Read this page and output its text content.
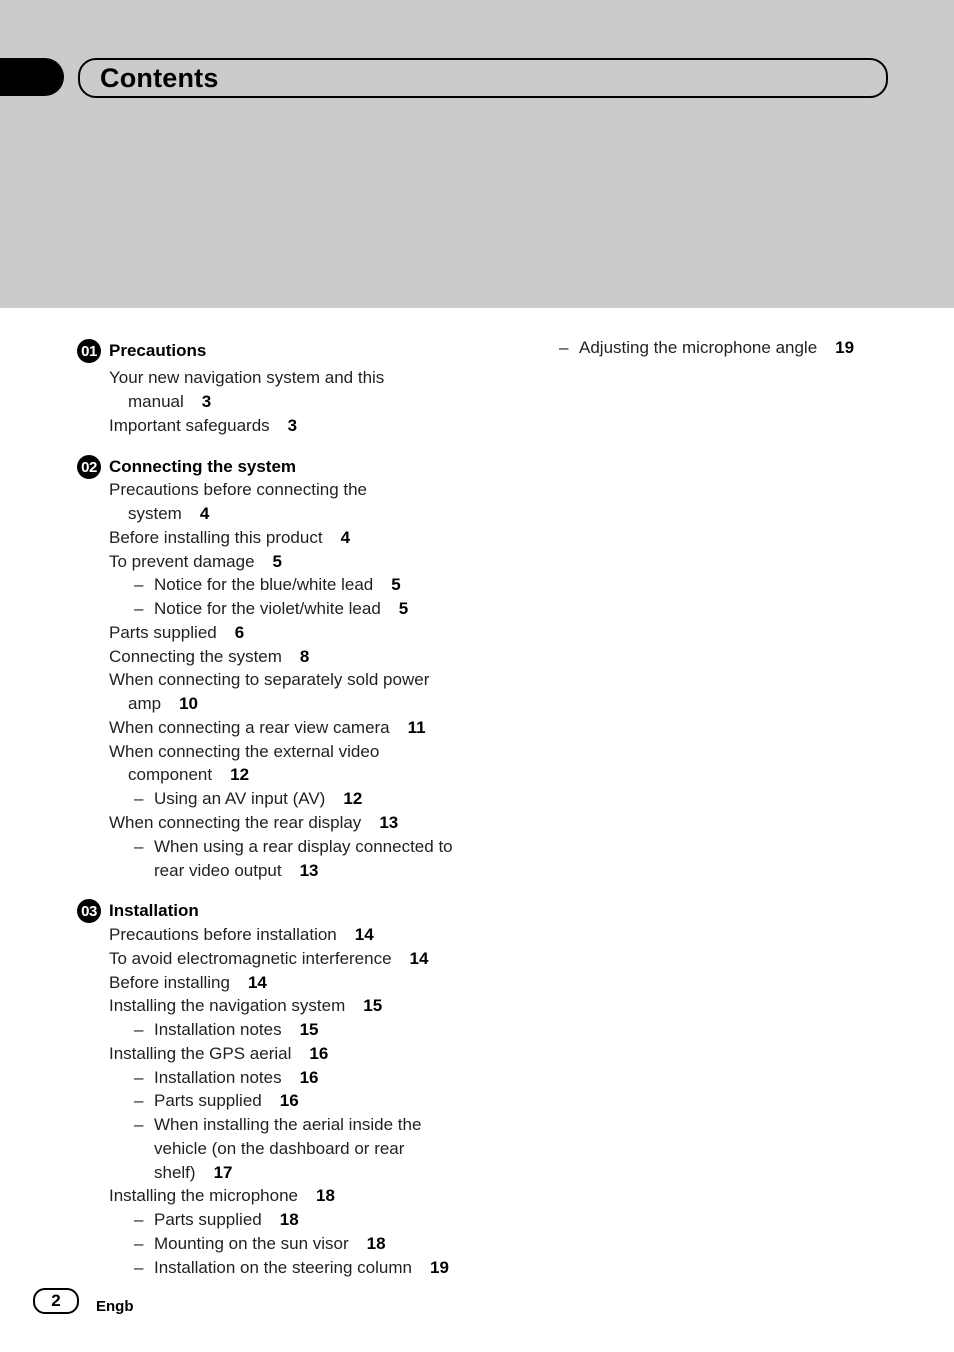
Contents
01 Precautions
Your new navigation system and this
manual 3
Important safeguards 3
02 Connecting the system
Precautions before connecting the
system 4
Before installing this product 4
To prevent damage 5
– Notice for the blue/white lead 5
– Notice for the violet/white lead 5
Parts supplied 6
Connecting the system 8
When connecting to separately sold power
amp 10
When connecting a rear view camera 11
When connecting the external video
component 12
– Using an AV input (AV) 12
When connecting the rear display 13
– When using a rear display connected to
rear video output 13
03 Installation
Precautions before installation 14
To avoid electromagnetic interference 14
Before installing 14
Installing the navigation system 15
– Installation notes 15
Installing the GPS aerial 16
– Installation notes 16
– Parts supplied 16
– When installing the aerial inside the
vehicle (on the dashboard or rear
shelf) 17
Installing the microphone 18
– Parts supplied 18
– Mounting on the sun visor 18
– Installation on the steering column 19
– Adjusting the microphone angle 19
2	Engb
